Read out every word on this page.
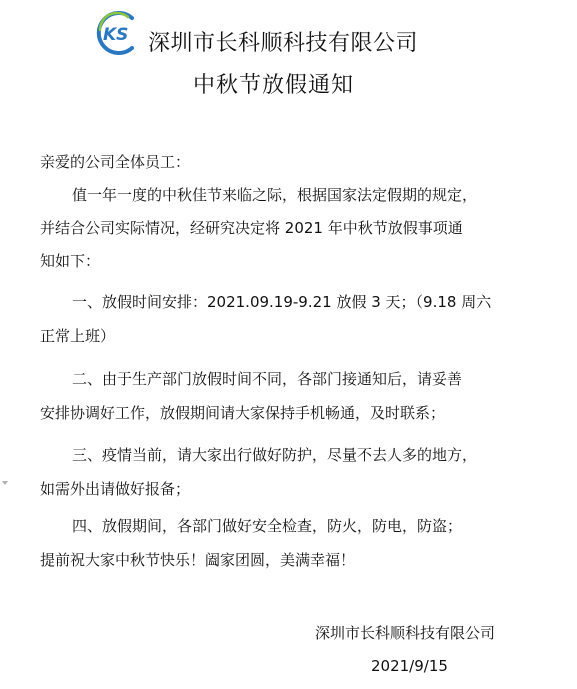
KS 深圳市长科顺科技有限公司
中秋节放假通知
亲爱的公司全体员工：
值一年一度的中秋佳节来临之际，根据国家法定假期的规定，
并结合公司实际情况，经研究决定将 2021 年中秋节放假事项通
知如下：
一、放假时间安排：2021.09.19-9.21 放假 3 天；（9.18 周六
正常上班）
二、由于生产部门放假时间不同，各部门接通知后，请妥善
安排协调好工作，放假期间请大家保持手机畅通，及时联系；
三、疫情当前，请大家出行做好防护，尽量不去人多的地方，
如需外出请做好报备；
四、放假期间，各部门做好安全检查，防火，防电，防盗；
提前祝大家中秋节快乐！阖家团圆，美满幸福！
深圳市长科顺科技有限公司
2021/9/15
